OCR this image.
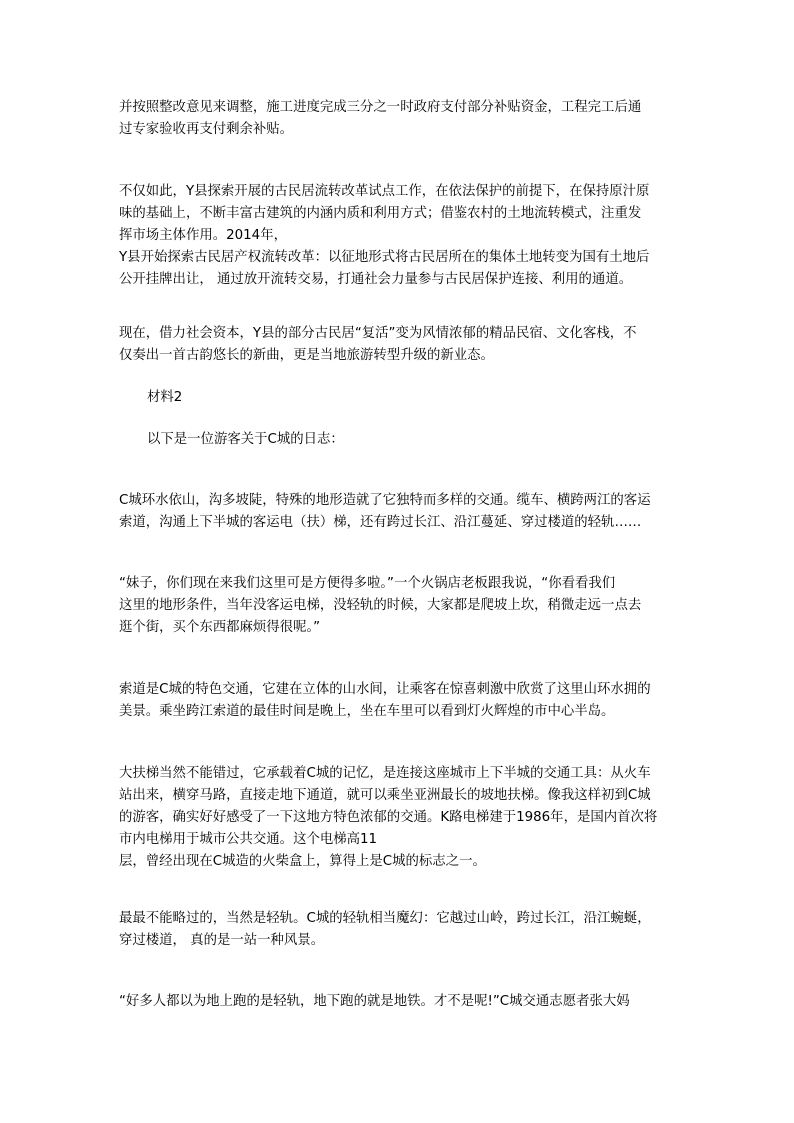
并按照整改意见来调整，施工进度完成三分之一时政府支付部分补贴资金，工程完工后通
过专家验收再支付剩余补贴。

不仅如此，Y县探索开展的古民居流转改革试点工作，在依法保护的前提下，在保持原汁原
味的基础上，不断丰富古建筑的内涵内质和利用方式；借鉴农村的土地流转模式，注重发
挥市场主体作用。2014年，
Y县开始探索古民居产权流转改革：以征地形式将古民居所在的集体土地转变为国有土地后
公开挂牌出让， 通过放开流转交易，打通社会力量参与古民居保护连接、利用的通道。

现在，借力社会资本，Y县的部分古民居“复活”变为风情浓郁的精品民宿、文化客栈，不
仅奏出一首古韵悠长的新曲，更是当地旅游转型升级的新业态。

材料2

以下是一位游客关于C城的日志：

C城环水依山，沟多坡陡，特殊的地形造就了它独特而多样的交通。缆车、横跨两江的客运
索道，沟通上下半城的客运电（扶）梯，还有跨过长江、沿江蔓延、穿过楼道的轻轨……

“妹子，你们现在来我们这里可是方便得多啦。”一个火锅店老板跟我说，“你看看我们
这里的地形条件，当年没客运电梯，没轻轨的时候，大家都是爬坡上坎，稍微走远一点去
逛个街，买个东西都麻烦得很呢。”

索道是C城的特色交通，它建在立体的山水间，让乘客在惊喜刺激中欣赏了这里山环水拥的
美景。乘坐跨江索道的最佳时间是晚上，坐在车里可以看到灯火辉煌的市中心半岛。

大扶梯当然不能错过，它承载着C城的记忆，是连接这座城市上下半城的交通工具：从火车
站出来，横穿马路，直接走地下通道，就可以乘坐亚洲最长的坡地扶梯。像我这样初到C城
的游客，确实好好感受了一下这地方特色浓郁的交通。K路电梯建于1986年，是国内首次将
市内电梯用于城市公共交通。这个电梯高11
层，曾经出现在C城造的火柴盒上，算得上是C城的标志之一。

最最不能略过的，当然是轻轨。C城的轻轨相当魔幻：它越过山岭，跨过长江，沿江蜿蜒，
穿过楼道， 真的是一站一种风景。

“好多人都以为地上跑的是轻轨，地下跑的就是地铁。才不是呢!”C城交通志愿者张大妈
